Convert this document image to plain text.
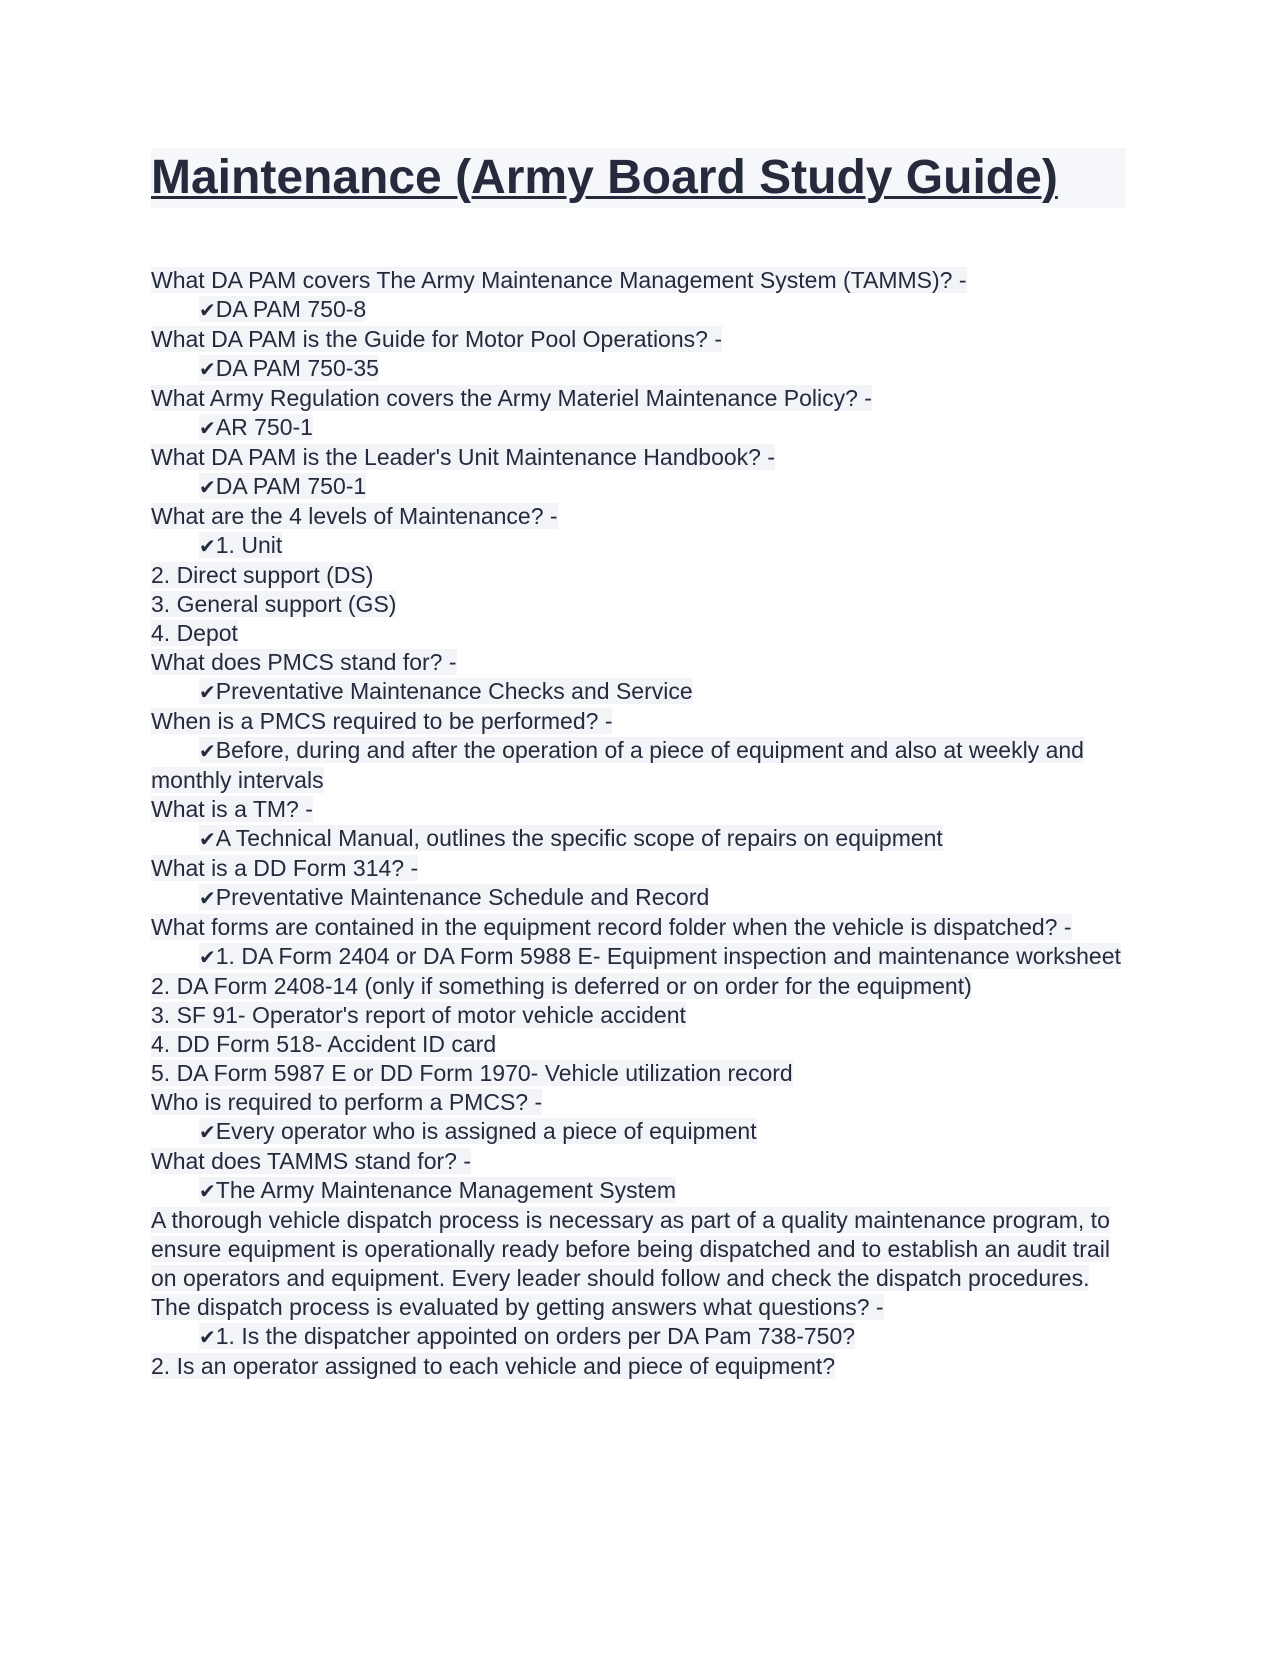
Maintenance (Army Board Study Guide)
What DA PAM covers The Army Maintenance Management System (TAMMS)? -
✔DA PAM 750-8
What DA PAM is the Guide for Motor Pool Operations? -
✔DA PAM 750-35
What Army Regulation covers the Army Materiel Maintenance Policy? -
✔AR 750-1
What DA PAM is the Leader's Unit Maintenance Handbook? -
✔DA PAM 750-1
What are the 4 levels of Maintenance? -
✔1. Unit
2. Direct support (DS)
3. General support (GS)
4. Depot
What does PMCS stand for? -
✔Preventative Maintenance Checks and Service
When is a PMCS required to be performed? -
✔Before, during and after the operation of a piece of equipment and also at weekly and monthly intervals
What is a TM? -
✔A Technical Manual, outlines the specific scope of repairs on equipment
What is a DD Form 314? -
✔Preventative Maintenance Schedule and Record
What forms are contained in the equipment record folder when the vehicle is dispatched? -
✔1. DA Form 2404 or DA Form 5988 E- Equipment inspection and maintenance worksheet
2. DA Form 2408-14 (only if something is deferred or on order for the equipment)
3. SF 91- Operator's report of motor vehicle accident
4. DD Form 518- Accident ID card
5. DA Form 5987 E or DD Form 1970- Vehicle utilization record
Who is required to perform a PMCS? -
✔Every operator who is assigned a piece of equipment
What does TAMMS stand for? -
✔The Army Maintenance Management System
A thorough vehicle dispatch process is necessary as part of a quality maintenance program, to ensure equipment is operationally ready before being dispatched and to establish an audit trail on operators and equipment. Every leader should follow and check the dispatch procedures. The dispatch process is evaluated by getting answers what questions? -
✔1. Is the dispatcher appointed on orders per DA Pam 738-750?
2. Is an operator assigned to each vehicle and piece of equipment?
